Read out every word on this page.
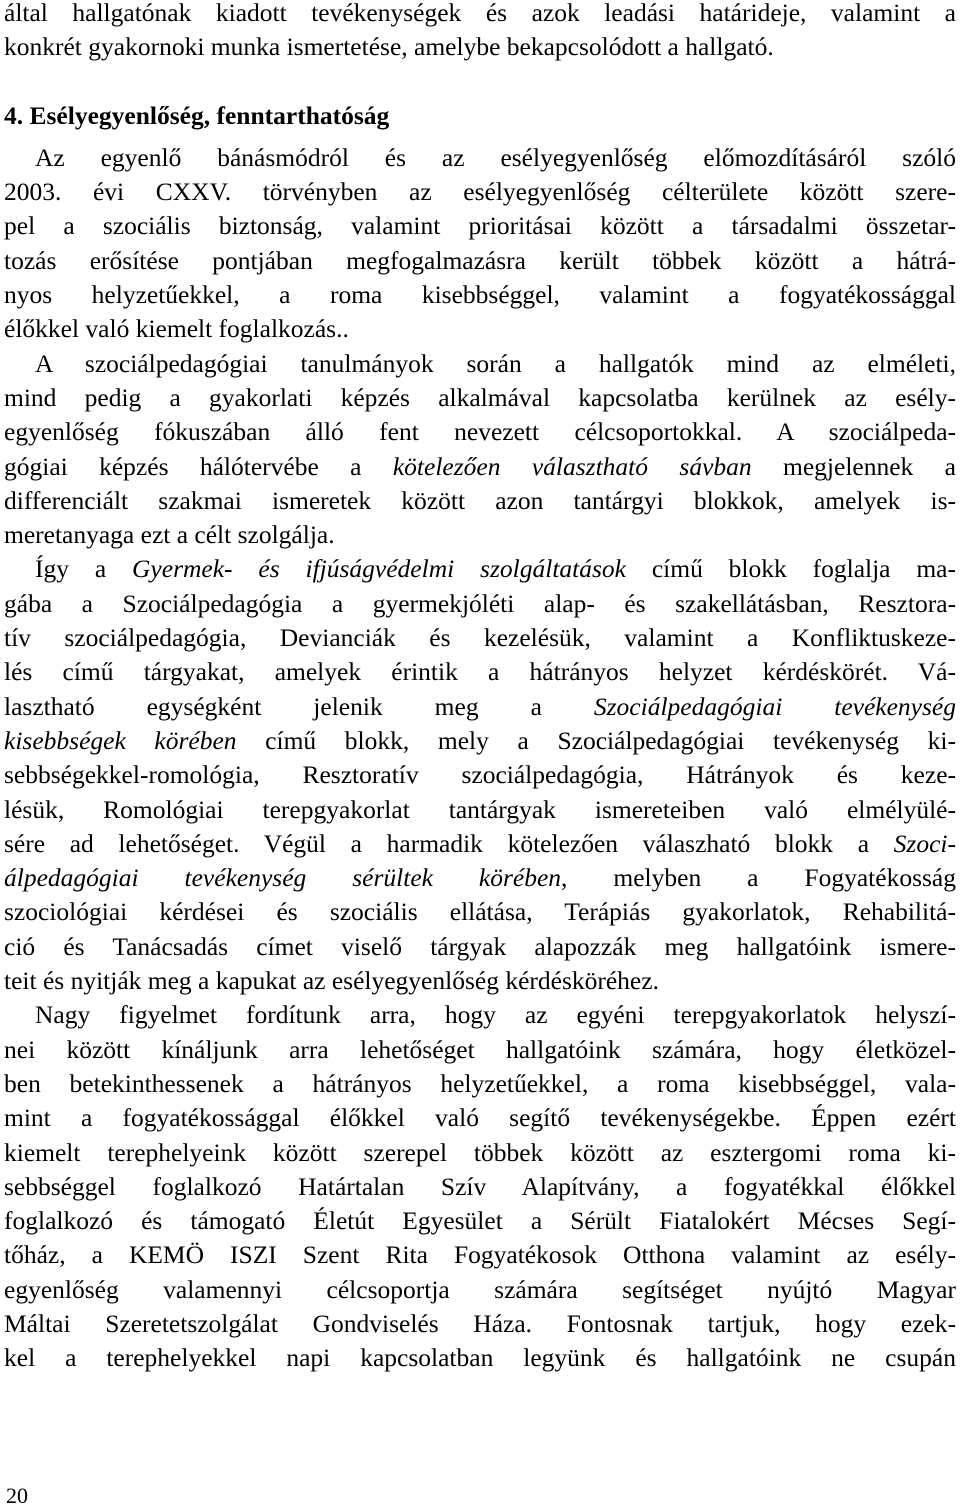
által hallgatónak kiadott tevékenységek és azok leadási határideje, valamint a
konkrét gyakornoki munka ismertetése, amelybe bekapcsolódott a hallgató.
4. Esélyegyenlőség, fenntarthatóság
Az egyenlő bánásmódról és az esélyegyenlőség előmozdításáról szóló
2003. évi CXXV. törvényben az esélyegyenlőség célterülete között szere-
pel a szociális biztonság, valamint prioritásai között a társadalmi összetar-
tozás erősítése pontjában megfogalmazásra került többek között a hátrá-
nyos helyzetűekkel, a roma kisebbséggel, valamint a fogyatékossággal
élőkkel való kiemelt foglalkozás..
A szociálpedagógiai tanulmányok során a hallgatók mind az elméleti,
mind pedig a gyakorlati képzés alkalmával kapcsolatba kerülnek az esély-
egyenlőség fókuszában álló fent nevezett célcsoportokkal. A szociálpeda-
gógiai képzés hálótervébe a kötelezően választható sávban megjelennek a
differenciált szakmai ismeretek között azon tantárgyi blokkok, amelyek is-
meretanyaga ezt a célt szolgálja.
Így a Gyermek- és ifjúságvédelmi szolgáltatások című blokk foglalja ma-
gába a Szociálpedagógia a gyermekjóléti alap- és szakellátásban, Resztora-
tív szociálpedagógia, Devianciák és kezelésük, valamint a Konfliktuskeze-
lés című tárgyakat, amelyek érintik a hátrányos helyzet kérdéskörét. Vá-
lasztható egységként jelenik meg a Szociálpedagógiai tevékenység
kisebbségek körében című blokk, mely a Szociálpedagógiai tevékenység ki-
sebbségekkel-romológia, Resztoratív szociálpedagógia, Hátrányok és keze-
lésük, Romológiai terepgyakorlat tantárgyak ismereteiben való elmélyülé-
sére ad lehetőséget. Végül a harmadik kötelezően válaszható blokk a Szoci-
álpedagógiai tevékenység sérültek körében, melyben a Fogyatékosság
szociológiai kérdései és szociális ellátása, Terápiás gyakorlatok, Rehabilitá-
ció és Tanácsadás címet viselő tárgyak alapozzák meg hallgatóink ismere-
teit és nyitják meg a kapukat az esélyegyenlőség kérdésköréhez.
Nagy figyelmet fordítunk arra, hogy az egyéni terepgyakorlatok helyszí-
nei között kínáljunk arra lehetőséget hallgatóink számára, hogy életközel-
ben betekinthessenek a hátrányos helyzetűekkel, a roma kisebbséggel, vala-
mint a fogyatékossággal élőkkel való segítő tevékenységekbe. Éppen ezért
kiemelt terephelyeink között szerepel többek között az esztergomi roma ki-
sebbséggel foglalkozó Határtalan Szív Alapítvány, a fogyatékkal élőkkel
foglalkozó és támogató Életút Egyesület a Sérült Fiatalokért Mécses Segí-
tőház, a KEMÖ ISZI Szent Rita Fogyatékosok Otthona valamint az esély-
egyenlőség valamennyi célcsoportja számára segítséget nyújtó Magyar
Máltai Szeretetszolgálat Gondviselés Háza. Fontosnak tartjuk, hogy ezek-
kel a terephelyekkel napi kapcsolatban legyünk és hallgatóink ne csupán
20
